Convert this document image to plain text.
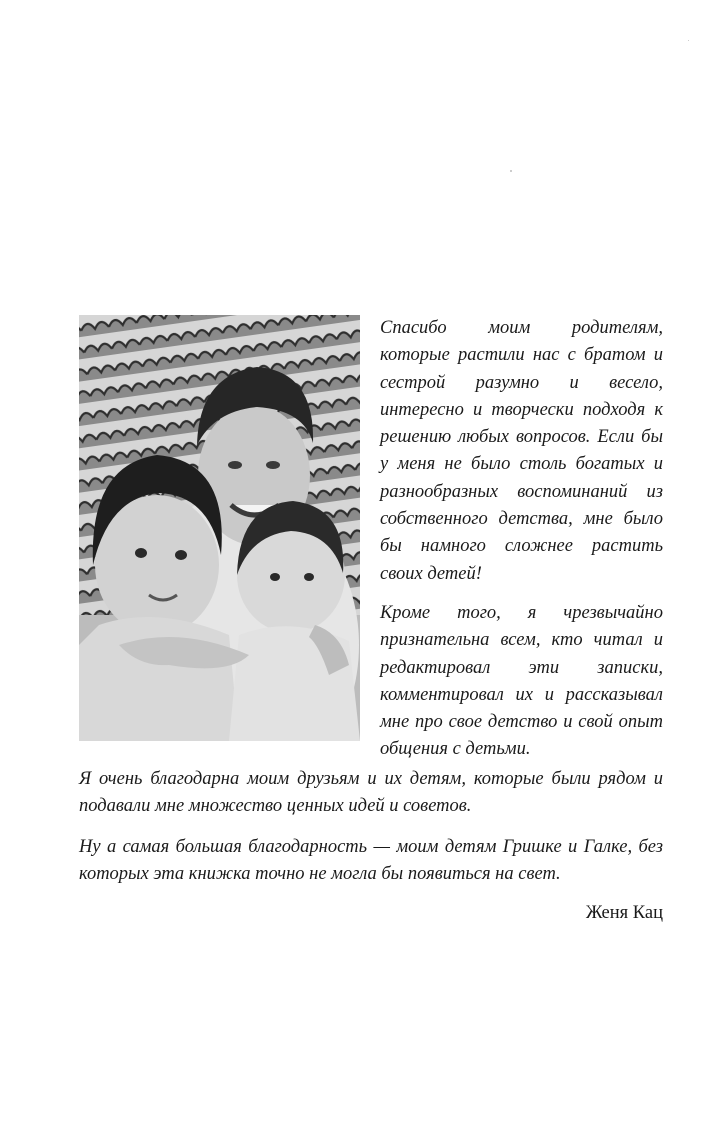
Спасибо моим родителям, которые растили нас с братом и сестрой разумно и весело, интересно и творчески подходя к решению любых вопросов. Если бы у меня не было столь богатых и разнообразных воспоминаний из собственного детства, мне было бы намного сложнее растить своих детей!

Кроме того, я чрезвычайно признательна всем, кто читал и редактировал эти записки, комментировал их и рассказывал мне про свое детство и свой опыт общения с детьми.

Я очень благодарна моим друзьям и их детям, которые были рядом и подавали мне множество ценных идей и советов.

Ну а самая большая благодарность — моим детям Гришке и Галке, без которых эта книжка точно не могла бы появиться на свет.

Женя Кац
